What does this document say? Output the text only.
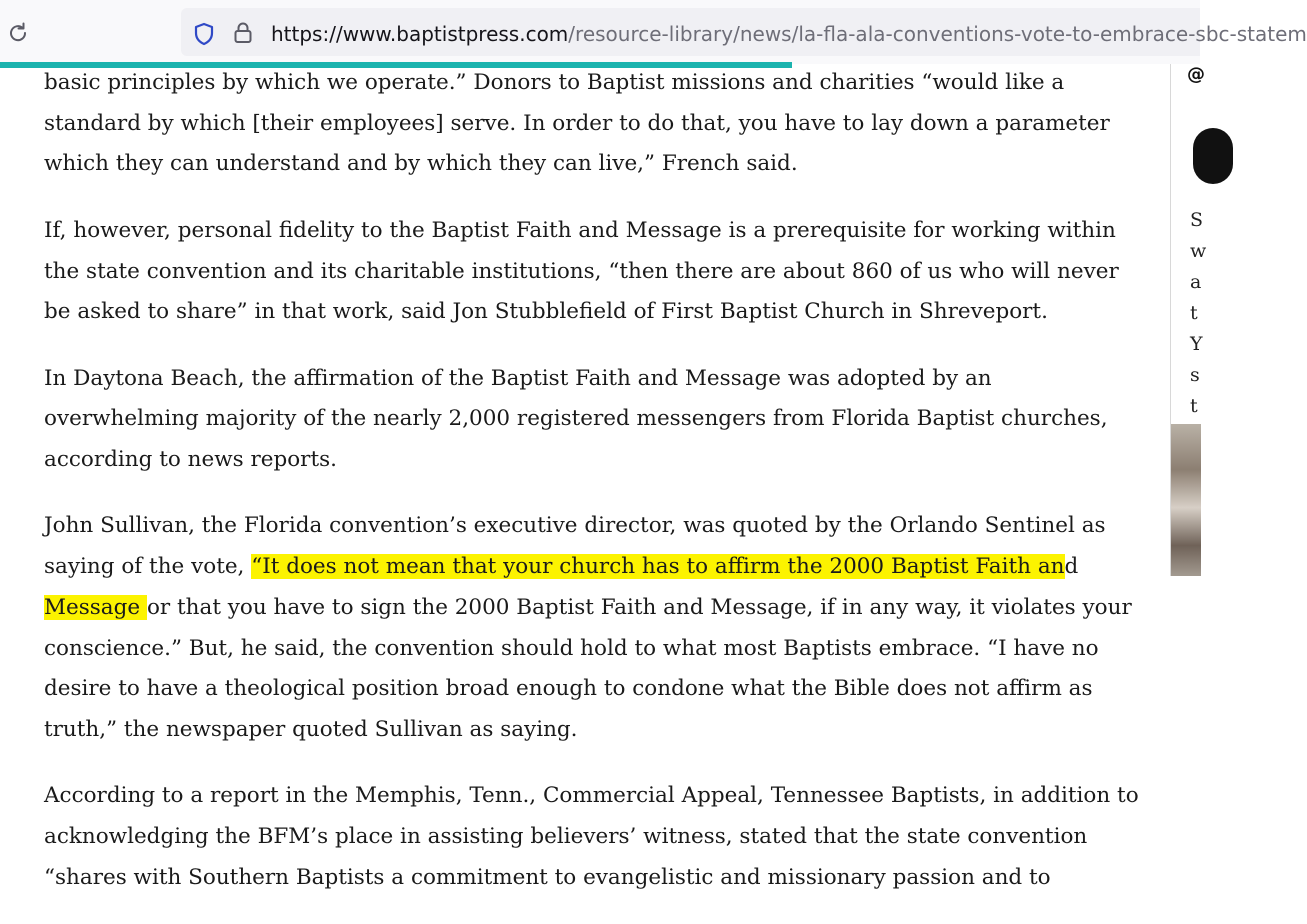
https://www.baptistpress.com/resource-library/news/la-fla-ala-conventions-vote-to-embrace-sbc-statem

basic principles by which we operate.” Donors to Baptist missions and charities “would like a
standard by which [their employees] serve. In order to do that, you have to lay down a parameter
which they can understand and by which they can live,” French said.

If, however, personal fidelity to the Baptist Faith and Message is a prerequisite for working within
the state convention and its charitable institutions, “then there are about 860 of us who will never
be asked to share” in that work, said Jon Stubblefield of First Baptist Church in Shreveport.

In Daytona Beach, the affirmation of the Baptist Faith and Message was adopted by an
overwhelming majority of the nearly 2,000 registered messengers from Florida Baptist churches,
according to news reports.

John Sullivan, the Florida convention’s executive director, was quoted by the Orlando Sentinel as
saying of the vote, “It does not mean that your church has to affirm the 2000 Baptist Faith and
Message or that you have to sign the 2000 Baptist Faith and Message, if in any way, it violates your
conscience.” But, he said, the convention should hold to what most Baptists embrace. “I have no
desire to have a theological position broad enough to condone what the Bible does not affirm as
truth,” the newspaper quoted Sullivan as saying.

According to a report in the Memphis, Tenn., Commercial Appeal, Tennessee Baptists, in addition to
acknowledging the BFM’s place in assisting believers’ witness, stated that the state convention
“shares with Southern Baptists a commitment to evangelistic and missionary passion and to

@
S
w
a
t
Y
s
t
